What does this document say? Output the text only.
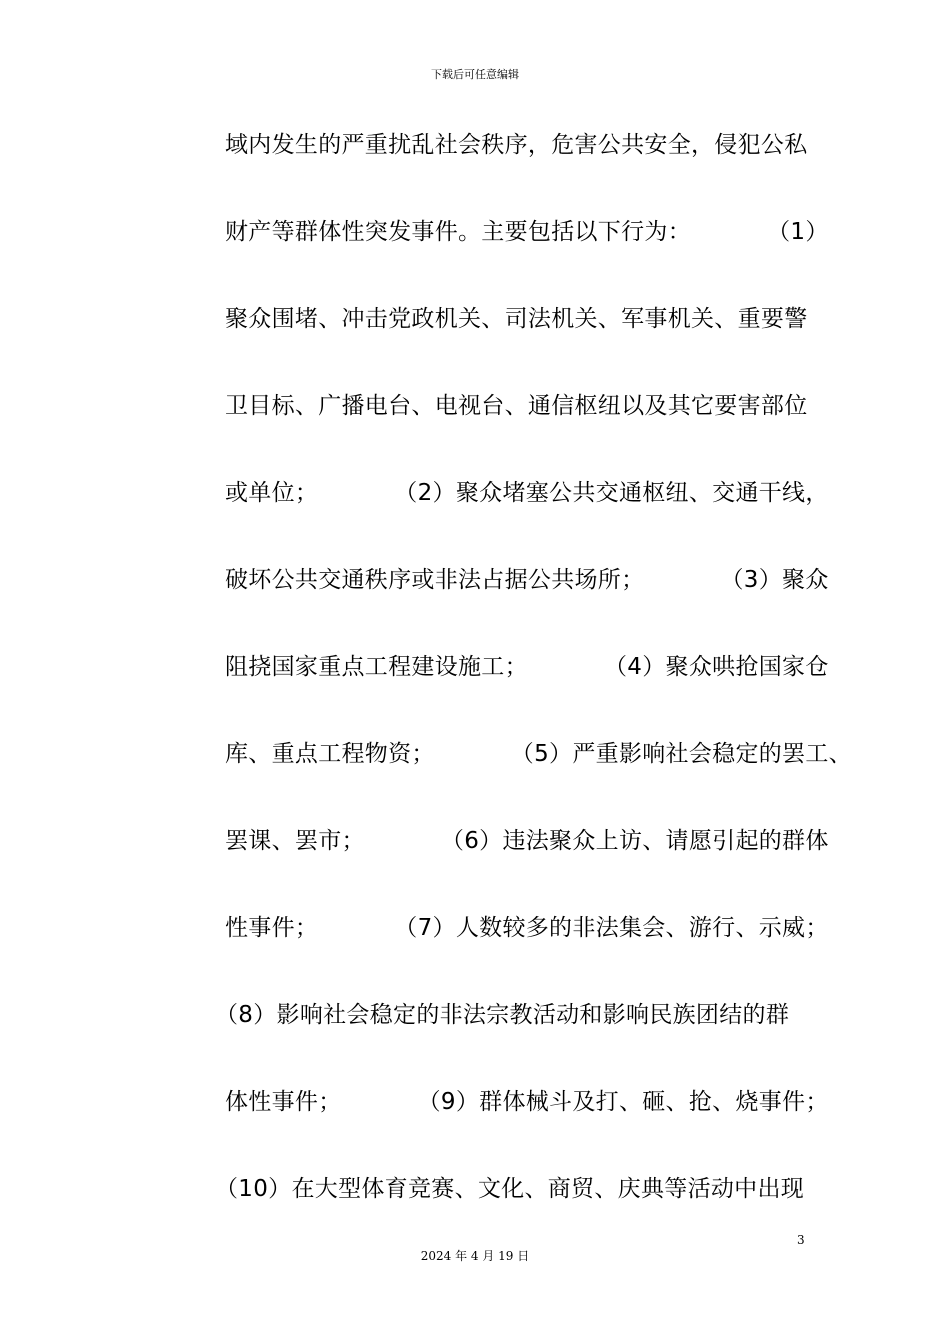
下载后可任意编辑
域内发生的严重扰乱社会秩序，危害公共安全，侵犯公私
财产等群体性突发事件。主要包括以下行为：          （1）
聚众围堵、冲击党政机关、司法机关、军事机关、重要警
卫目标、广播电台、电视台、通信枢纽以及其它要害部位
或单位；          （2）聚众堵塞公共交通枢纽、交通干线，
破坏公共交通秩序或非法占据公共场所；          （3）聚众
阻挠国家重点工程建设施工；          （4）聚众哄抢国家仓
库、重点工程物资；          （5）严重影响社会稳定的罢工、
罢课、罢市；          （6）违法聚众上访、请愿引起的群体
性事件；          （7）人数较多的非法集会、游行、示威；
（8）影响社会稳定的非法宗教活动和影响民族团结的群
体性事件；          （9）群体械斗及打、砸、抢、烧事件；
（10）在大型体育竞赛、文化、商贸、庆典等活动中出现
3
2024 年 4 月 19 日
